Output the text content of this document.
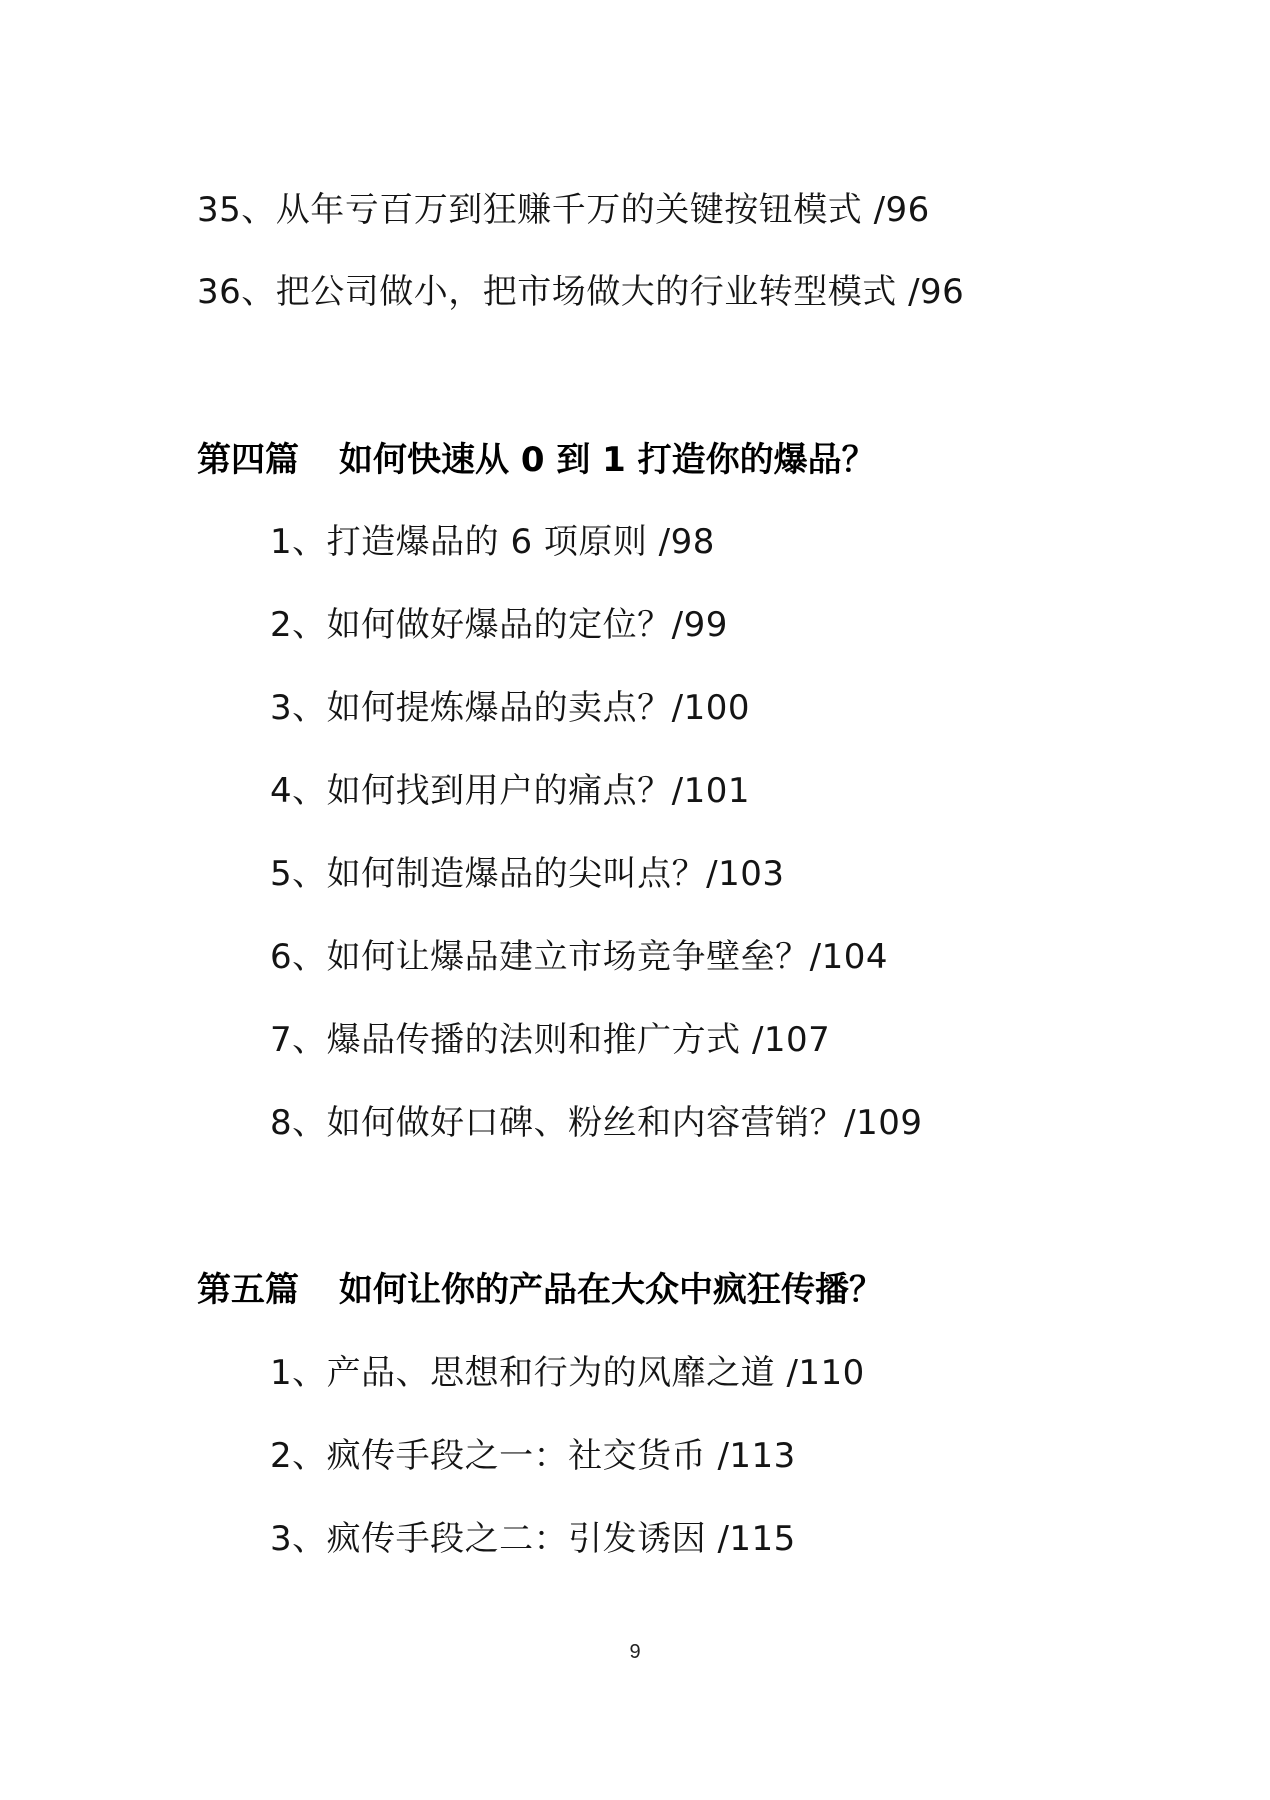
35、从年亏百万到狂赚千万的关键按钮模式 /96
36、把公司做小，把市场做大的行业转型模式 /96
第四篇 如何快速从 0 到 1 打造你的爆品？
1、打造爆品的 6 项原则 /98
2、如何做好爆品的定位？/99
3、如何提炼爆品的卖点？/100
4、如何找到用户的痛点？/101
5、如何制造爆品的尖叫点？/103
6、如何让爆品建立市场竞争壁垒？/104
7、爆品传播的法则和推广方式 /107
8、如何做好口碑、粉丝和内容营销？/109
第五篇 如何让你的产品在大众中疯狂传播？
1、产品、思想和行为的风靡之道 /110
2、疯传手段之一：社交货币 /113
3、疯传手段之二：引发诱因 /115
9
